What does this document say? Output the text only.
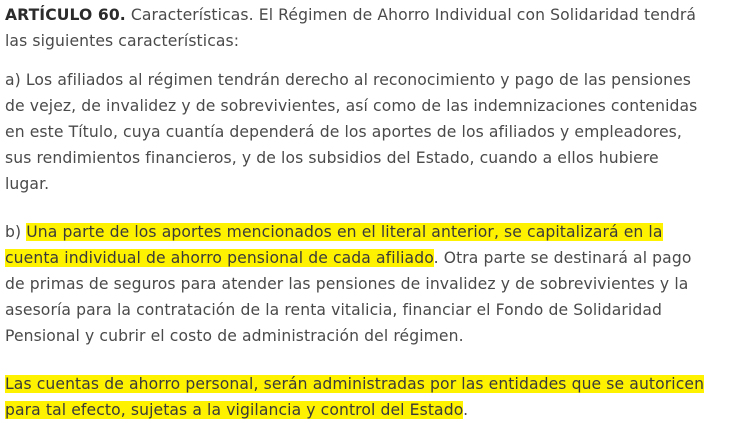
ARTÍCULO 60. Características. El Régimen de Ahorro Individual con Solidaridad tendrá
las siguientes características:
a) Los afiliados al régimen tendrán derecho al reconocimiento y pago de las pensiones
de vejez, de invalidez y de sobrevivientes, así como de las indemnizaciones contenidas
en este Título, cuya cuantía dependerá de los aportes de los afiliados y empleadores,
sus rendimientos financieros, y de los subsidios del Estado, cuando a ellos hubiere
lugar.
b) Una parte de los aportes mencionados en el literal anterior, se capitalizará en la
cuenta individual de ahorro pensional de cada afiliado. Otra parte se destinará al pago
de primas de seguros para atender las pensiones de invalidez y de sobrevivientes y la
asesoría para la contratación de la renta vitalicia, financiar el Fondo de Solidaridad
Pensional y cubrir el costo de administración del régimen.
Las cuentas de ahorro personal, serán administradas por las entidades que se autoricen
para tal efecto, sujetas a la vigilancia y control del Estado.
